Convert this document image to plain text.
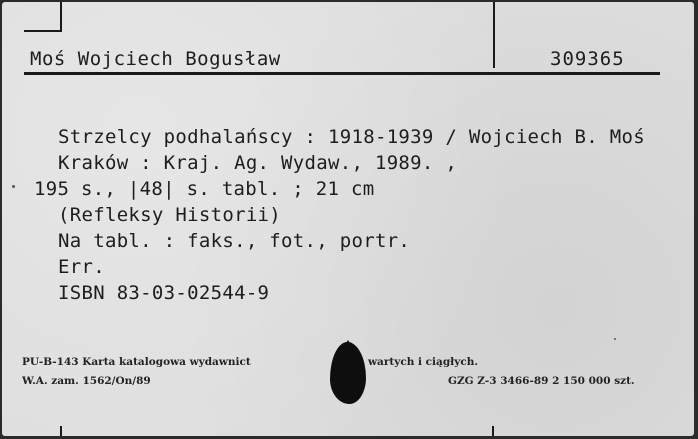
Moś Wojciech Bogusław	309365
Strzelcy podhalańscy : 1918-1939 / Wojciech B. Moś
Kraków : Kraj. Ag. Wydaw., 1989. ,
195 s., |48| s. tabl. ; 21 cm
(Refleksy Historii)
Na tabl. : faks., fot., portr.
Err.
ISBN 83-03-02544-9
PU-B-143 Karta katalogowa wydawnict	wartych i ciągłych.
W.A. zam. 1562/On/89	GZG Z-3 3466-89 2 150 000 szt.
